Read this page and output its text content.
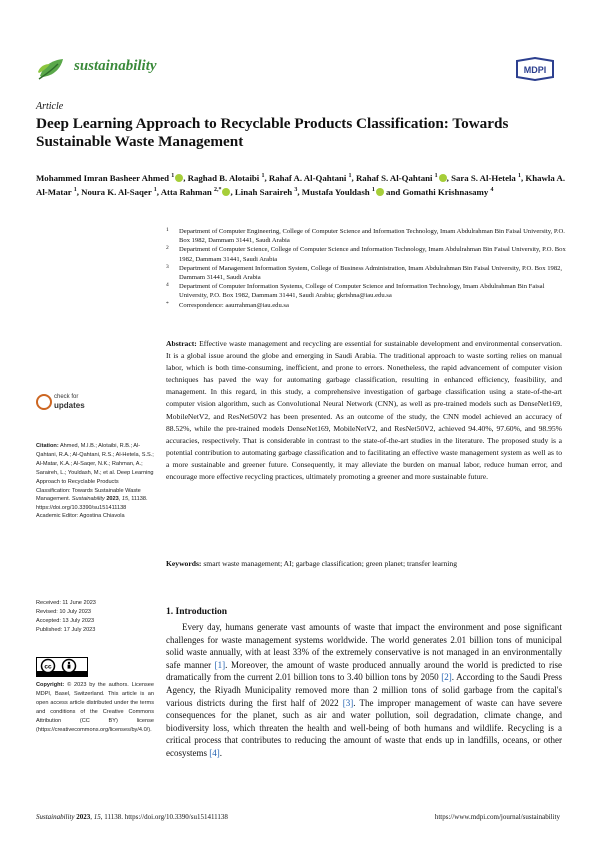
sustainability	MDPI
Article
Deep Learning Approach to Recyclable Products Classification: Towards Sustainable Waste Management
Mohammed Imran Basheer Ahmed $^1$ , Raghad B. Alotaibi $^1$, Rahaf A. Al-Qahtani $^1$, Rahaf S. Al-Qahtani $^1$ , Sara S. Al-Hetela $^1$, Khawla A. Al-Matar $^1$, Noura K. Al-Saqer $^1$, Atta Rahman $^{2,*}$ , Linah Saraireh $^3$, Mustafa Youldash $^1$ and Gomathi Krishnasamy $^4$
1 Department of Computer Engineering, College of Computer Science and Information Technology, Imam Abdulrahman Bin Faisal University, P.O. Box 1982, Dammam 31441, Saudi Arabia
2 Department of Computer Science, College of Computer Science and Information Technology, Imam Abdulrahman Bin Faisal University, P.O. Box 1982, Dammam 31441, Saudi Arabia
3 Department of Management Information System, College of Business Administration, Imam Abdulrahman Bin Faisal University, P.O. Box 1982, Dammam 31441, Saudi Arabia
4 Department of Computer Information Systems, College of Computer Science and Information Technology, Imam Abdulrahman Bin Faisal University, P.O. Box 1982, Dammam 31441, Saudi Arabia; gkrishna@iau.edu.sa
* Correspondence: aaurrahman@iau.edu.sa
Abstract: Effective waste management and recycling are essential for sustainable development and environmental conservation. It is a global issue around the globe and emerging in Saudi Arabia. The traditional approach to waste sorting relies on manual labor, which is both time-consuming, inefficient, and prone to errors. Nonetheless, the rapid advancement of computer vision techniques has paved the way for automating garbage classification, resulting in enhanced efficiency, feasibility, and management. In this regard, in this study, a comprehensive investigation of garbage classification using a state-of-the-art computer vision algorithm, such as Convolutional Neural Network (CNN), as well as pre-trained models such as DenseNet169, MobileNetV2, and ResNet50V2 has been presented. As an outcome of the study, the CNN model achieved an accuracy of 88.52%, while the pre-trained models DenseNet169, MobileNetV2, and ResNet50V2, achieved 94.40%, 97.60%, and 98.95% accuracies, respectively. That is considerable in contrast to the state-of-the-art studies in the literature. The proposed study is a potential contribution to automating garbage classification and to facilitating an effective waste management system as well as to a more sustainable and greener future. Consequently, it may alleviate the burden on manual labor, reduce human error, and encourage more effective recycling practices, ultimately promoting a greener and more sustainable future.
Keywords: smart waste management; AI; garbage classification; green planet; transfer learning
check for
updates
Citation: Ahmed, M.I.B.; Alotaibi, R.B.; Al-Qahtani, R.A.; Al-Qahtani, R.S.; Al-Hetela, S.S.; Al-Matar, K.A.; Al-Saqer, N.K.; Rahman, A.; Saraireh, L.; Youldash, M.; et al. Deep Learning Approach to Recyclable Products Classification: Towards Sustainable Waste Management. Sustainability 2023, 15, 11138. https://doi.org/10.3390/su151411138
Academic Editor: Agostina Chiavola
Received: 11 June 2023
Revised: 10 July 2023
Accepted: 13 July 2023
Published: 17 July 2023
cc
Copyright: © 2023 by the authors. Licensee MDPI, Basel, Switzerland. This article is an open access article distributed under the terms and conditions of the Creative Commons Attribution (CC BY) license (https://creativecommons.org/licenses/by/4.0/).
1. Introduction
Every day, humans generate vast amounts of waste that impact the environment and pose significant challenges for waste management systems worldwide. The world generates 2.01 billion tons of municipal solid waste annually, with at least 33% of the extremely conservative is not managed in an environmentally safe manner [1]. Moreover, the amount of waste produced annually around the world is predicted to rise dramatically from the current 2.01 billion tons to 3.40 billion tons by 2050 [2]. According to the Saudi Press Agency, the Riyadh Municipality removed more than 2 million tons of solid garbage from the capital's various districts during the first half of 2022 [3]. The improper management of waste can have severe consequences for the planet, such as air and water pollution, soil degradation, climate change, and biodiversity loss, which threaten the health and well-being of both humans and wildlife. Recycling is a critical process that contributes to reducing the amount of waste that ends up in landfills, oceans, or other ecosystems [4].
Sustainability 2023, 15, 11138. https://doi.org/10.3390/su151411138	https://www.mdpi.com/journal/sustainability
